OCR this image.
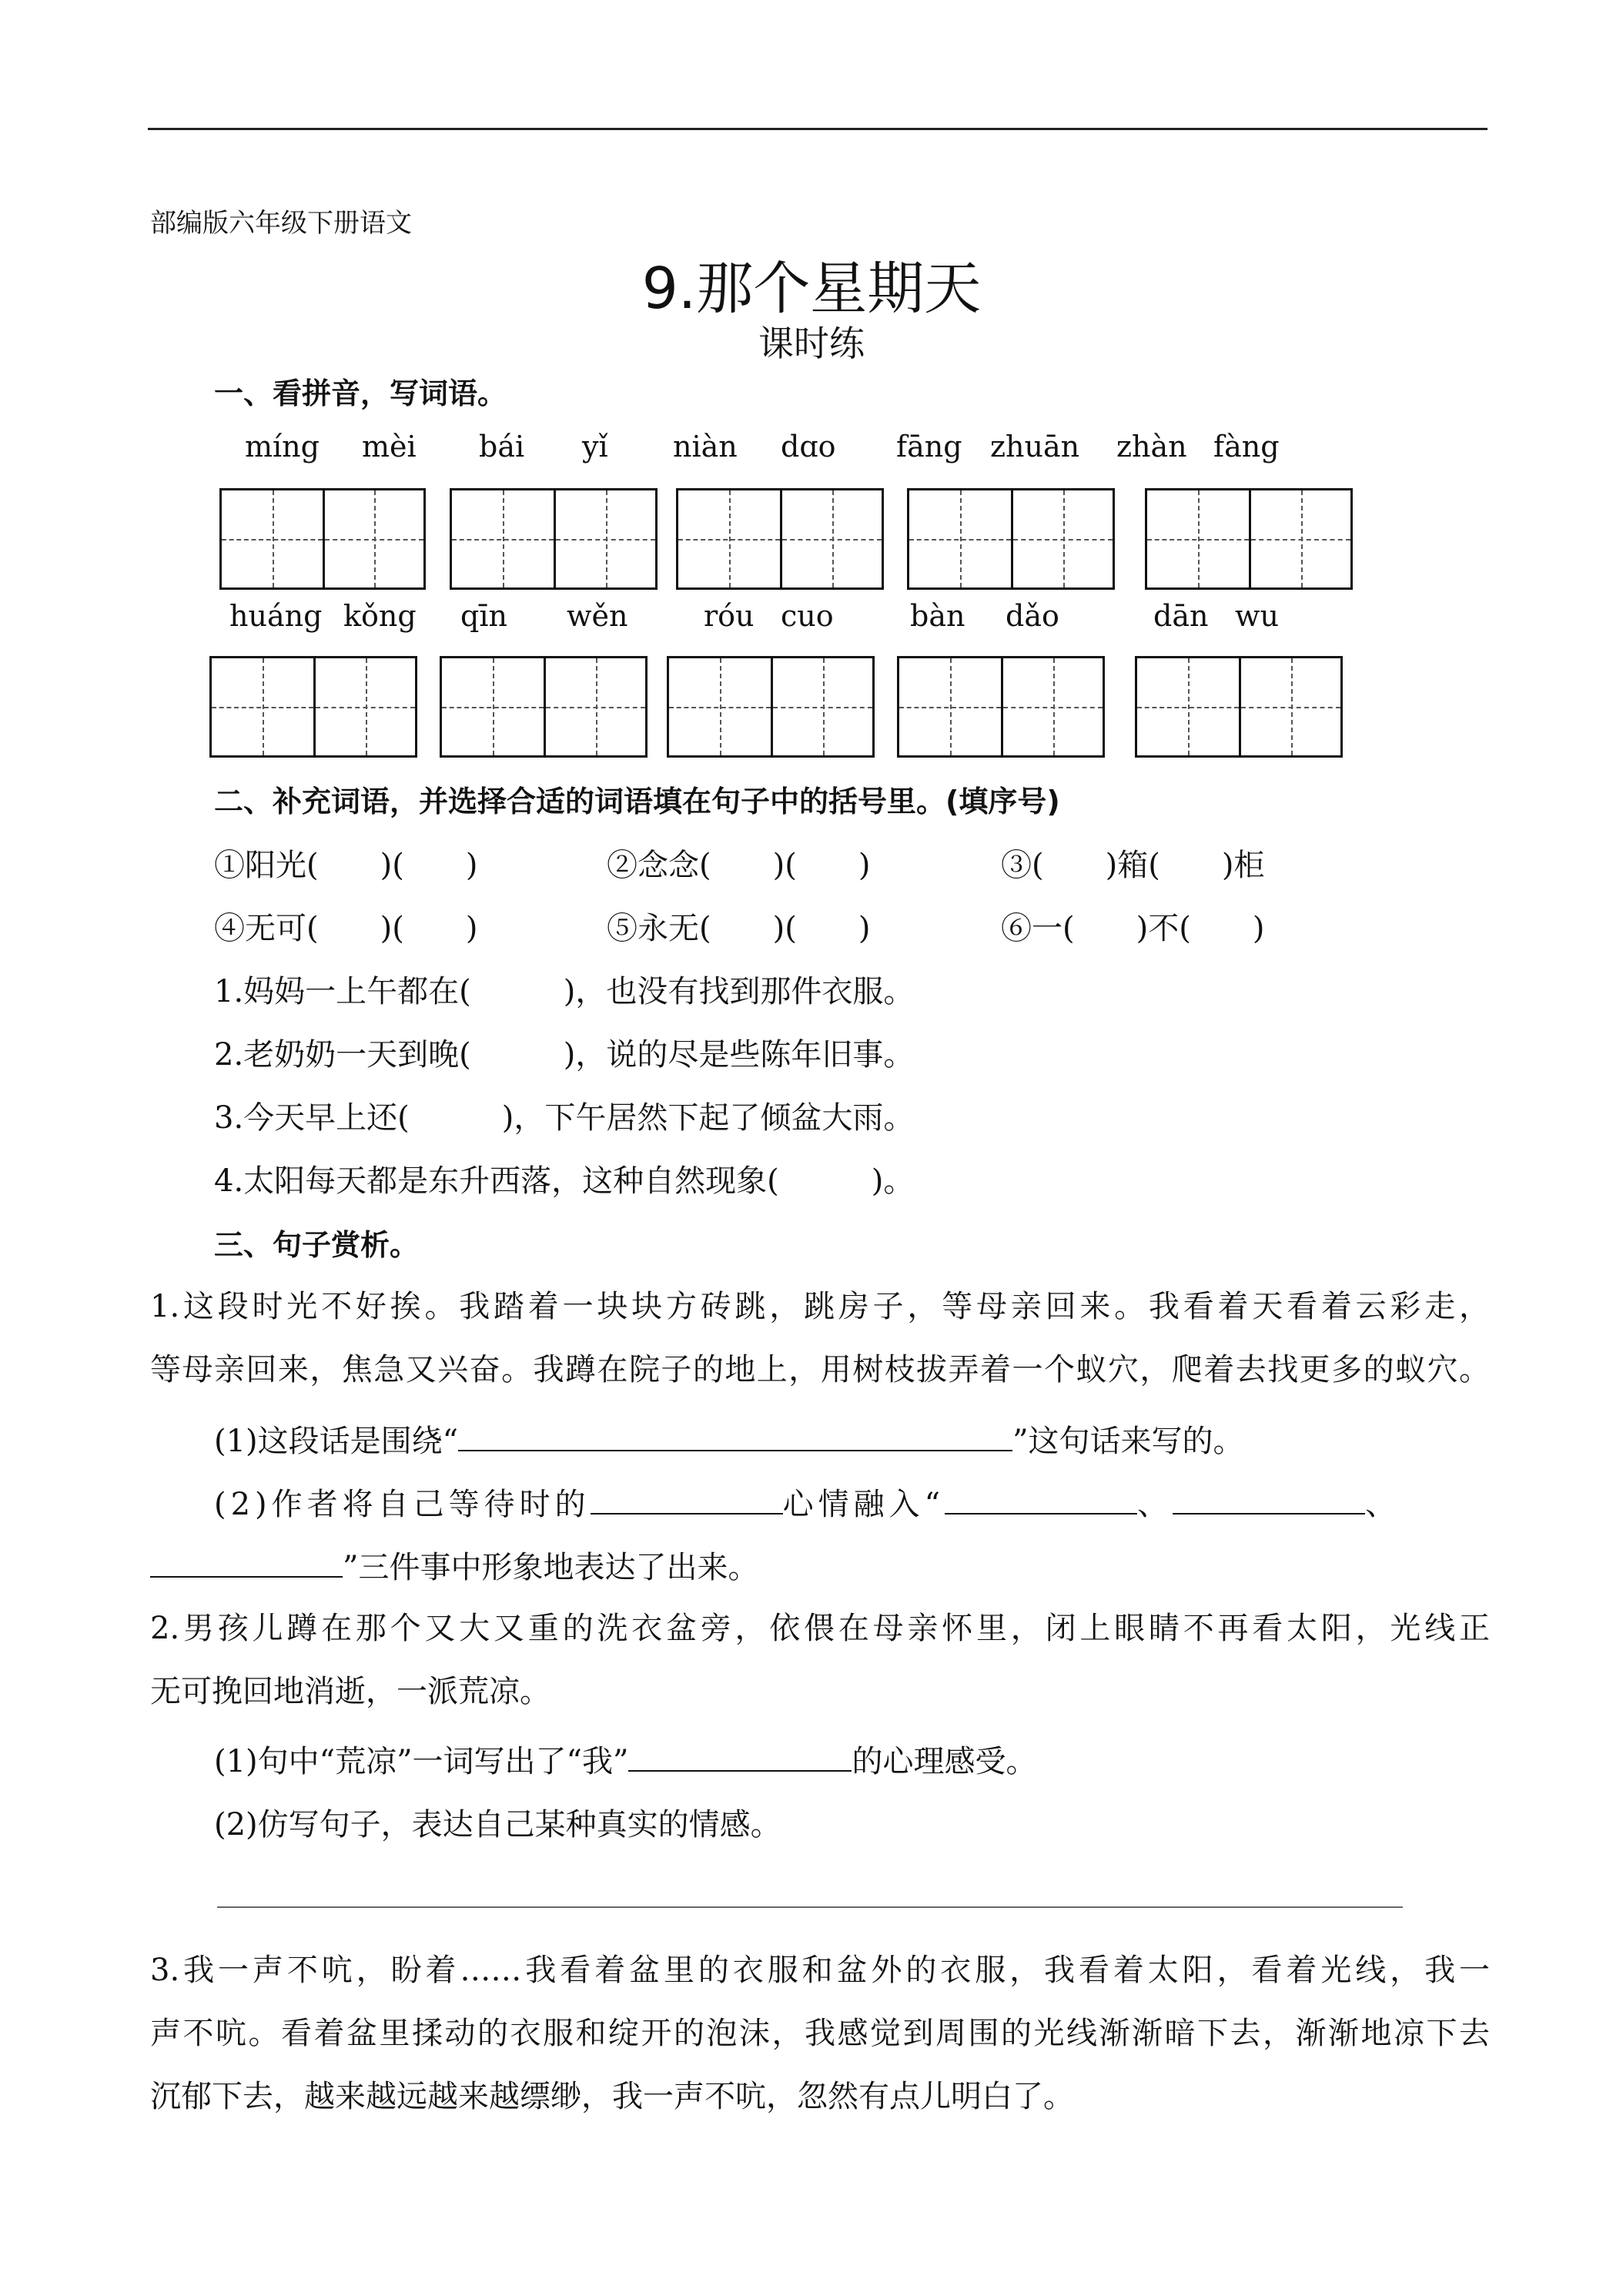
部编版六年级下册语文
9.那个星期天
课时练
一、看拼音，写词语。
míng mèi bái yǐ niàn dɑo fāng zhuān zhàn fàng
huáng kǒng qīn wěn	róu cuo	bàn dǎo	dān wu
二、补充词语，并选择合适的词语填在句子中的括号里。(填序号)
①阳光(　　)(　　)	②念念(　　)(　　)	③(　　)箱(　　)柜
④无可(　　)(　　)	⑤永无(　　)(　　)	⑥一(　　)不(　　)
1.妈妈一上午都在(　　　)，也没有找到那件衣服。
2.老奶奶一天到晚(　　　)，说的尽是些陈年旧事。
3.今天早上还(　　　)，下午居然下起了倾盆大雨。
4.太阳每天都是东升西落，这种自然现象(　　　)。
三、句子赏析。
1.这段时光不好挨。我踏着一块块方砖跳，跳房子，等母亲回来。我看着天看着云彩走，
等母亲回来，焦急又兴奋。我蹲在院子的地上，用树枝拔弄着一个蚁穴，爬着去找更多的蚁穴。
(1)这段话是围绕“	”这句话来写的。
(2)作者将自己等待时的	心情融入“	、	、
”三件事中形象地表达了出来。
2.男孩儿蹲在那个又大又重的洗衣盆旁，依偎在母亲怀里，闭上眼睛不再看太阳，光线正
无可挽回地消逝，一派荒凉。
(1)句中“荒凉”一词写出了“我”	的心理感受。
(2)仿写句子，表达自己某种真实的情感。
3.我一声不吭，盼着……我看着盆里的衣服和盆外的衣服，我看着太阳，看着光线，我一
声不吭。看着盆里揉动的衣服和绽开的泡沫，我感觉到周围的光线渐渐暗下去，渐渐地凉下去
沉郁下去，越来越远越来越缥缈，我一声不吭，忽然有点儿明白了。
